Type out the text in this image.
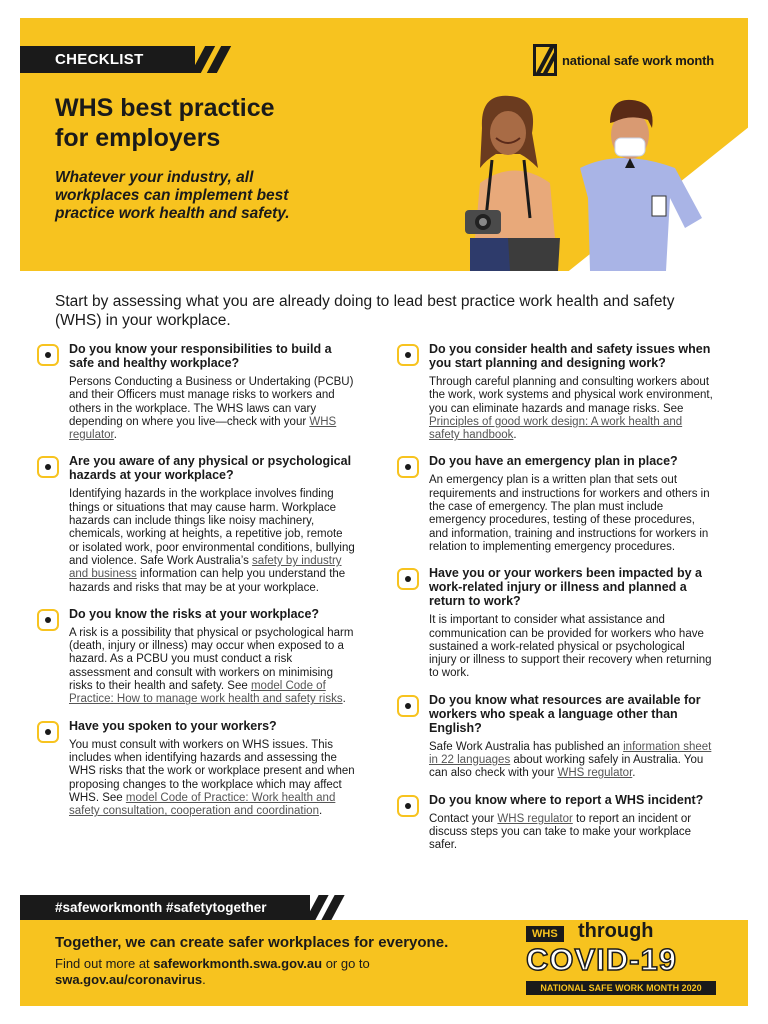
CHECKLIST	national safe work month
WHS best practice
for employers
Whatever your industry, all workplaces can implement best practice work health and safety.

Start by assessing what you are already doing to lead best practice work health and safety (WHS) in your workplace.

Do you know your responsibilities to build a safe and healthy workplace?
Persons Conducting a Business or Undertaking (PCBU) and their Officers must manage risks to workers and others in the workplace. The WHS laws can vary depending on where you live—check with your WHS regulator.
Are you aware of any physical or psychological hazards at your workplace?
Identifying hazards in the workplace involves finding things or situations that may cause harm. Workplace hazards can include things like noisy machinery, chemicals, working at heights, a repetitive job, remote or isolated work, poor environmental conditions, bullying and violence. Safe Work Australia’s safety by industry and business information can help you understand the hazards and risks that may be at your workplace.
Do you know the risks at your workplace?
A risk is a possibility that physical or psychological harm (death, injury or illness) may occur when exposed to a hazard. As a PCBU you must conduct a risk assessment and consult with workers on minimising risks to their health and safety. See model Code of Practice: How to manage work health and safety risks.
Have you spoken to your workers?
You must consult with workers on WHS issues. This includes when identifying hazards and assessing the WHS risks that the work or workplace present and when proposing changes to the workplace which may affect WHS. See model Code of Practice: Work health and safety consultation, cooperation and coordination.
Do you consider health and safety issues when you start planning and designing work?
Through careful planning and consulting workers about the work, work systems and physical work environment, you can eliminate hazards and manage risks. See Principles of good work design: A work health and safety handbook.
Do you have an emergency plan in place?
An emergency plan is a written plan that sets out requirements and instructions for workers and others in the case of emergency. The plan must include emergency procedures, testing of these procedures, and information, training and instructions for workers in relation to implementing emergency procedures.
Have you or your workers been impacted by a work-related injury or illness and planned a return to work?
It is important to consider what assistance and communication can be provided for workers who have sustained a work-related physical or psychological injury or illness to support their recovery when returning to work.
Do you know what resources are available for workers who speak a language other than English?
Safe Work Australia has published an information sheet in 22 languages about working safely in Australia. You can also check with your WHS regulator.
Do you know where to report a WHS incident?
Contact your WHS regulator to report an incident or discuss steps you can take to make your workplace safer.
#safeworkmonth #safetytogether
Together, we can create safer workplaces for everyone.
Find out more at safeworkmonth.swa.gov.au or go to
swa.gov.au/coronavirus.
WHS	through
COVID-19
NATIONAL SAFE WORK MONTH 2020
